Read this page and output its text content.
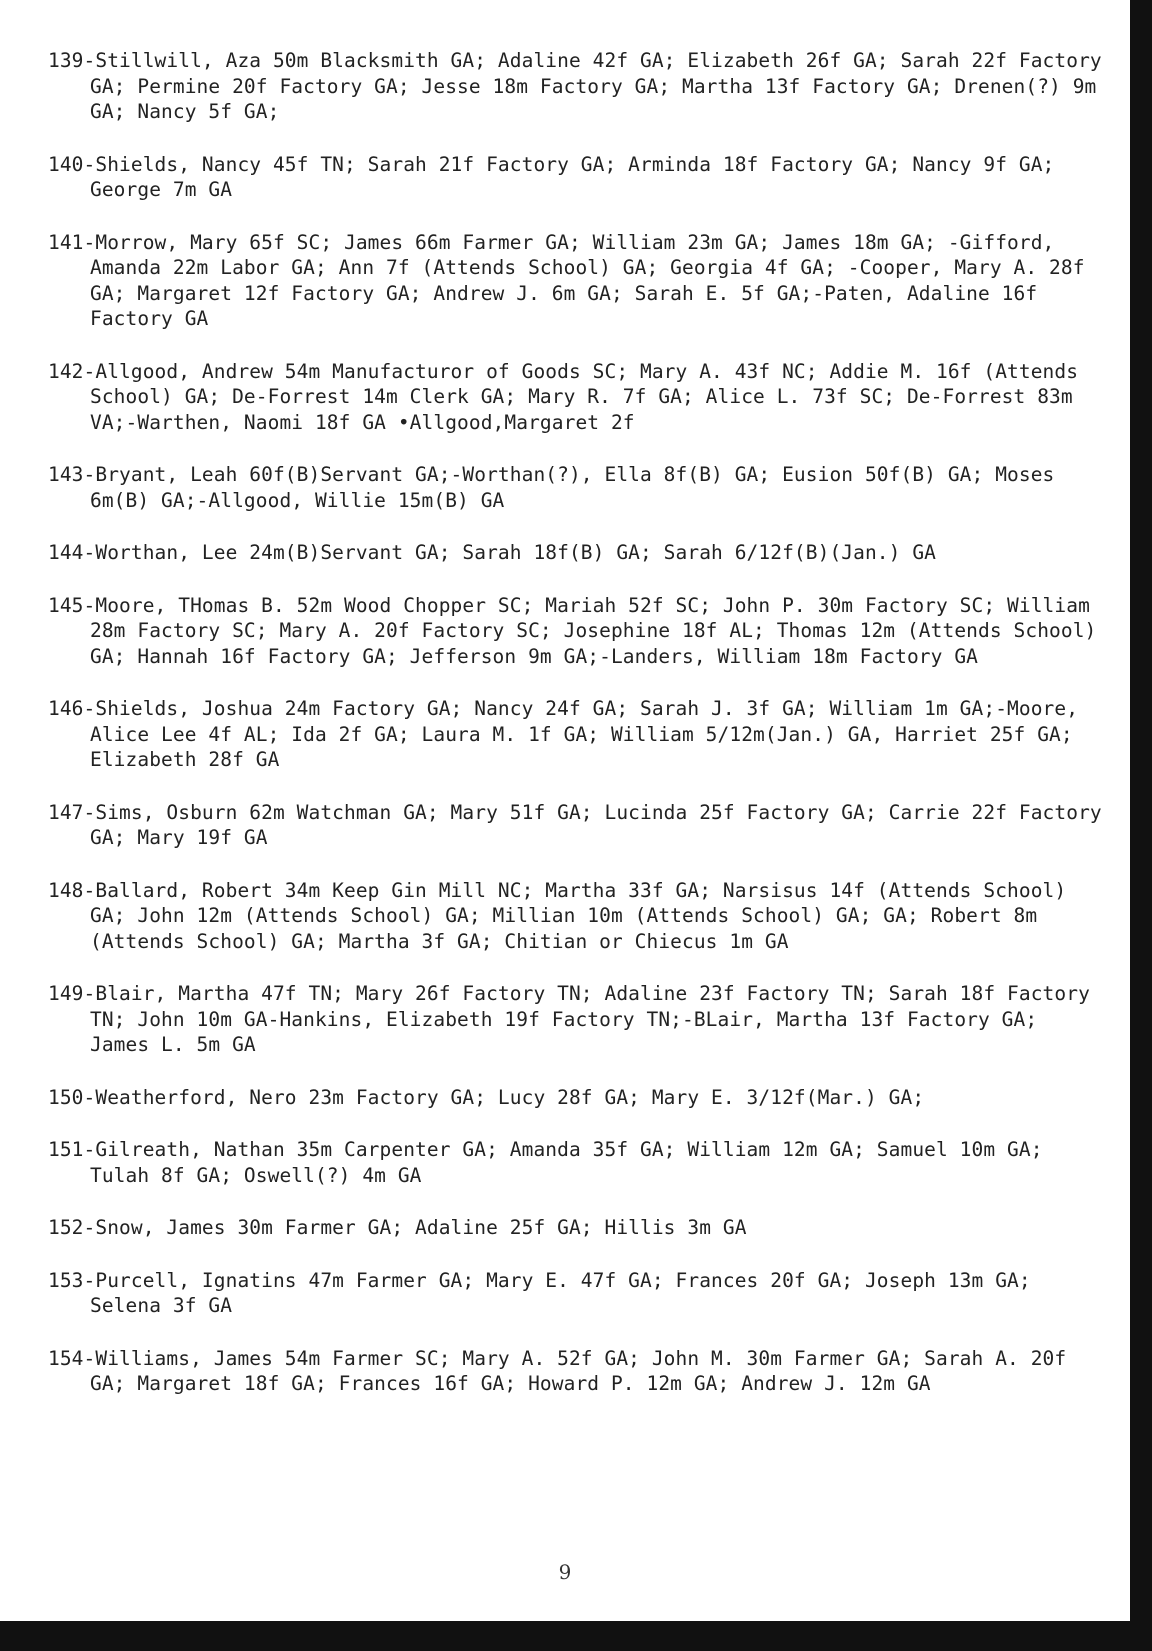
139-Stillwill, Aza 50m Blacksmith GA; Adaline 42f GA; Elizabeth 26f GA; Sarah 22f Factory GA; Permine 20f Factory GA; Jesse 18m Factory GA; Martha 13f Factory GA; Drenen(?) 9m GA; Nancy 5f GA;

140-Shields, Nancy 45f TN; Sarah 21f Factory GA; Arminda 18f Factory GA; Nancy 9f GA; George 7m GA

141-Morrow, Mary 65f SC; James 66m Farmer GA; William 23m GA; James 18m GA; -Gifford, Amanda 22m Labor GA; Ann 7f (Attends School) GA; Georgia 4f GA; -Cooper, Mary A. 28f GA; Margaret 12f Factory GA; Andrew J. 6m GA; Sarah E. 5f GA;-Paten, Adaline 16f Factory GA

142-Allgood, Andrew 54m Manufacturor of Goods SC; Mary A. 43f NC; Addie M. 16f (Attends School) GA; De-Forrest 14m Clerk GA; Mary R. 7f GA; Alice L. 73f SC; De-Forrest 83m VA;-Warthen, Naomi 18f GA •Allgood,Margaret 2f

143-Bryant, Leah 60f(B)Servant GA;-Worthan(?), Ella 8f(B) GA; Eusion 50f(B) GA; Moses 6m(B) GA;-Allgood, Willie 15m(B) GA

144-Worthan, Lee 24m(B)Servant GA; Sarah 18f(B) GA; Sarah 6/12f(B)(Jan.) GA

145-Moore, THomas B. 52m Wood Chopper SC; Mariah 52f SC; John P. 30m Factory SC; William 28m Factory SC; Mary A. 20f Factory SC; Josephine 18f AL; Thomas 12m (Attends School) GA; Hannah 16f Factory GA; Jefferson 9m GA;-Landers, William 18m Factory GA

146-Shields, Joshua 24m Factory GA; Nancy 24f GA; Sarah J. 3f GA; William 1m GA;-Moore, Alice Lee 4f AL; Ida 2f GA; Laura M. 1f GA; William 5/12m(Jan.) GA, Harriet 25f GA; Elizabeth 28f GA

147-Sims, Osburn 62m Watchman GA; Mary 51f GA; Lucinda 25f Factory GA; Carrie 22f Factory GA; Mary 19f GA

148-Ballard, Robert 34m Keep Gin Mill NC; Martha 33f GA; Narsisus 14f (Attends School) GA; John 12m (Attends School) GA; Millian 10m (Attends School) GA; GA; Robert 8m (Attends School) GA; Martha 3f GA; Chitian or Chiecus 1m GA

149-Blair, Martha 47f TN; Mary 26f Factory TN; Adaline 23f Factory TN; Sarah 18f Factory TN; John 10m GA-Hankins, Elizabeth 19f Factory TN;-BLair, Martha 13f Factory GA; James L. 5m GA

150-Weatherford, Nero 23m Factory GA; Lucy 28f GA; Mary E. 3/12f(Mar.) GA;

151-Gilreath, Nathan 35m Carpenter GA; Amanda 35f GA; William 12m GA; Samuel 10m GA; Tulah 8f GA; Oswell(?) 4m GA

152-Snow, James 30m Farmer GA; Adaline 25f GA; Hillis 3m GA

153-Purcell, Ignatins 47m Farmer GA; Mary E. 47f GA; Frances 20f GA; Joseph 13m GA; Selena 3f GA

154-Williams, James 54m Farmer SC; Mary A. 52f GA; John M. 30m Farmer GA; Sarah A. 20f GA; Margaret 18f GA; Frances 16f GA; Howard P. 12m GA; Andrew J. 12m GA

9
